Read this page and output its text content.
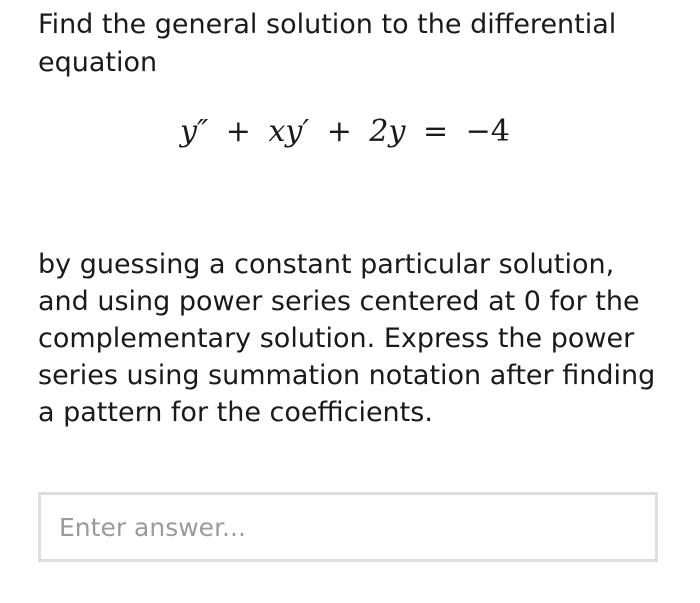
Find the general solution to the differential equation

y″ + xy′ + 2y = −4

by guessing a constant particular solution, and using power series centered at 0 for the complementary solution. Express the power series using summation notation after finding a pattern for the coefficients.

Enter answer...
